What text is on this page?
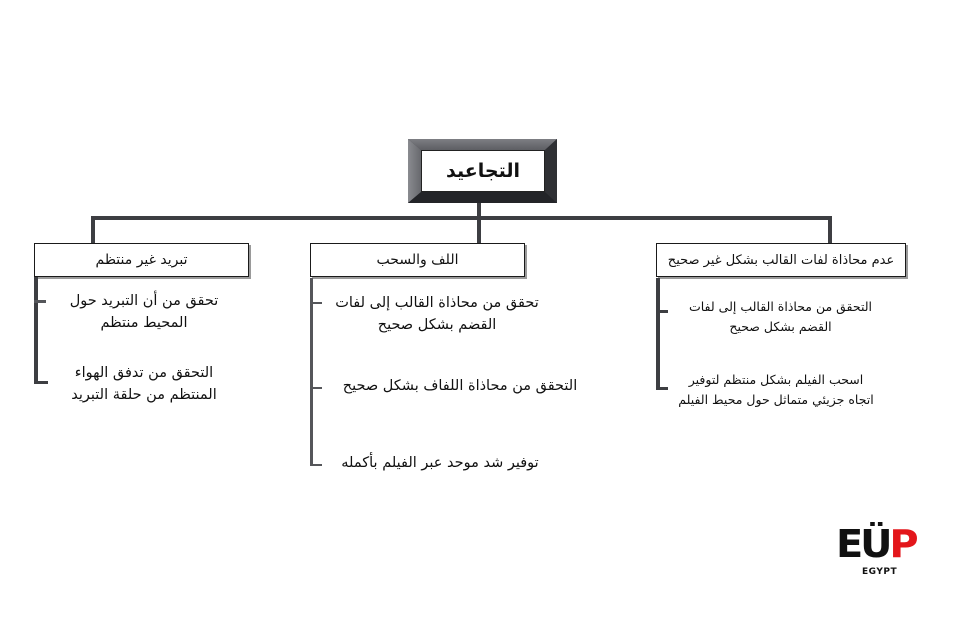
التجاعيد
تبريد غير منتظم
تحقق من أن التبريد حول المحيط منتظم
التحقق من تدفق الهواء المنتظم من حلقة التبريد
اللف والسحب
تحقق من محاذاة القالب إلى لفات القضم بشكل صحيح
التحقق من محاذاة اللفاف بشكل صحيح
توفير شد موحد عبر الفيلم بأكمله
عدم محاذاة لفات القالب بشكل غير صحيح
التحقق من محاذاة القالب إلى لفات القضم بشكل صحيح
اسحب الفيلم بشكل منتظم لتوفير اتجاه جزيئي متماثل حول محيط الفيلم
EÜP
EGYPT
